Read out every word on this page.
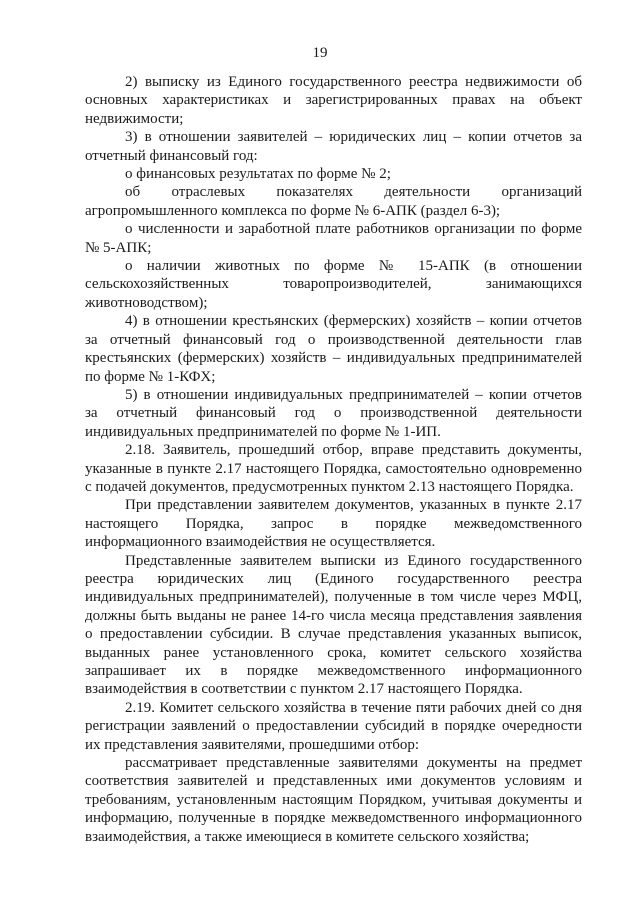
19

2) выписку из Единого государственного реестра недвижимости об основных характеристиках и зарегистрированных правах на объект недвижимости;

3) в отношении заявителей – юридических лиц – копии отчетов за отчетный финансовый год:

о финансовых результатах по форме № 2;

об отраслевых показателях деятельности организаций агропромышленного комплекса по форме № 6-АПК (раздел 6-3);

о численности и заработной плате работников организации по форме № 5-АПК;

о наличии животных по форме № 15-АПК (в отношении сельскохозяйственных товаропроизводителей, занимающихся животноводством);

4) в отношении крестьянских (фермерских) хозяйств – копии отчетов за отчетный финансовый год о производственной деятельности глав крестьянских (фермерских) хозяйств – индивидуальных предпринимателей по форме № 1-КФХ;

5) в отношении индивидуальных предпринимателей – копии отчетов за отчетный финансовый год о производственной деятельности индивидуальных предпринимателей по форме № 1-ИП.

2.18. Заявитель, прошедший отбор, вправе представить документы, указанные в пункте 2.17 настоящего Порядка, самостоятельно одновременно с подачей документов, предусмотренных пунктом 2.13 настоящего Порядка.

При представлении заявителем документов, указанных в пункте 2.17 настоящего Порядка, запрос в порядке межведомственного информационного взаимодействия не осуществляется.

Представленные заявителем выписки из Единого государственного реестра юридических лиц (Единого государственного реестра индивидуальных предпринимателей), полученные в том числе через МФЦ, должны быть выданы не ранее 14-го числа месяца представления заявления о предоставлении субсидии. В случае представления указанных выписок, выданных ранее установленного срока, комитет сельского хозяйства запрашивает их в порядке межведомственного информационного взаимодействия в соответствии с пунктом 2.17 настоящего Порядка.

2.19. Комитет сельского хозяйства в течение пяти рабочих дней со дня регистрации заявлений о предоставлении субсидий в порядке очередности их представления заявителями, прошедшими отбор:

рассматривает представленные заявителями документы на предмет соответствия заявителей и представленных ими документов условиям и требованиям, установленным настоящим Порядком, учитывая документы и информацию, полученные в порядке межведомственного информационного взаимодействия, а также имеющиеся в комитете сельского хозяйства;
